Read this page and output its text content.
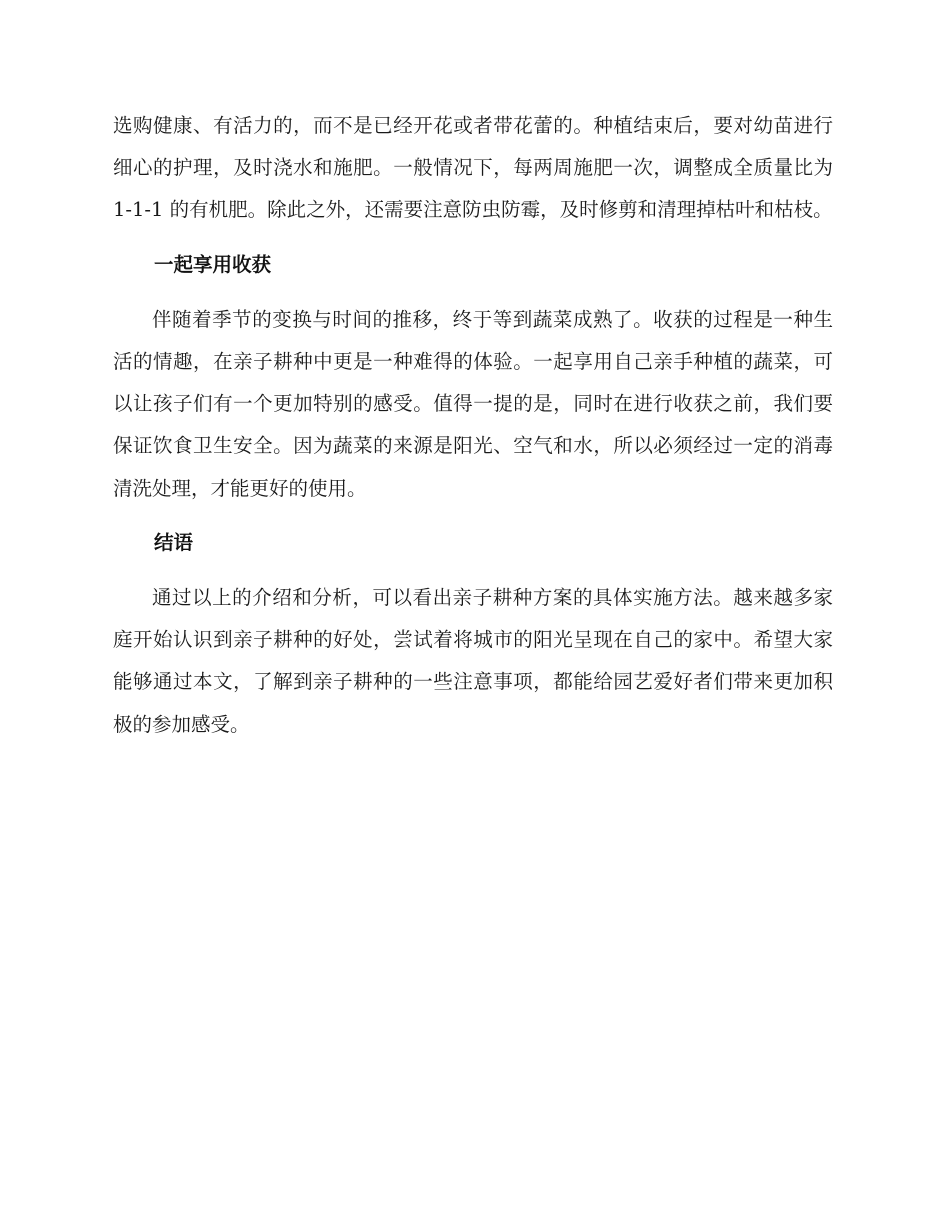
选购健康、有活力的，而不是已经开花或者带花蕾的。种植结束后，要对幼苗进行细心的护理，及时浇水和施肥。一般情况下，每两周施肥一次，调整成全质量比为 1-1-1 的有机肥。除此之外，还需要注意防虫防霉，及时修剪和清理掉枯叶和枯枝。

一起享用收获

伴随着季节的变换与时间的推移，终于等到蔬菜成熟了。收获的过程是一种生活的情趣，在亲子耕种中更是一种难得的体验。一起享用自己亲手种植的蔬菜，可以让孩子们有一个更加特别的感受。值得一提的是，同时在进行收获之前，我们要保证饮食卫生安全。因为蔬菜的来源是阳光、空气和水，所以必须经过一定的消毒清洗处理，才能更好的使用。

结语

通过以上的介绍和分析，可以看出亲子耕种方案的具体实施方法。越来越多家庭开始认识到亲子耕种的好处，尝试着将城市的阳光呈现在自己的家中。希望大家能够通过本文，了解到亲子耕种的一些注意事项，都能给园艺爱好者们带来更加积极的参加感受。
